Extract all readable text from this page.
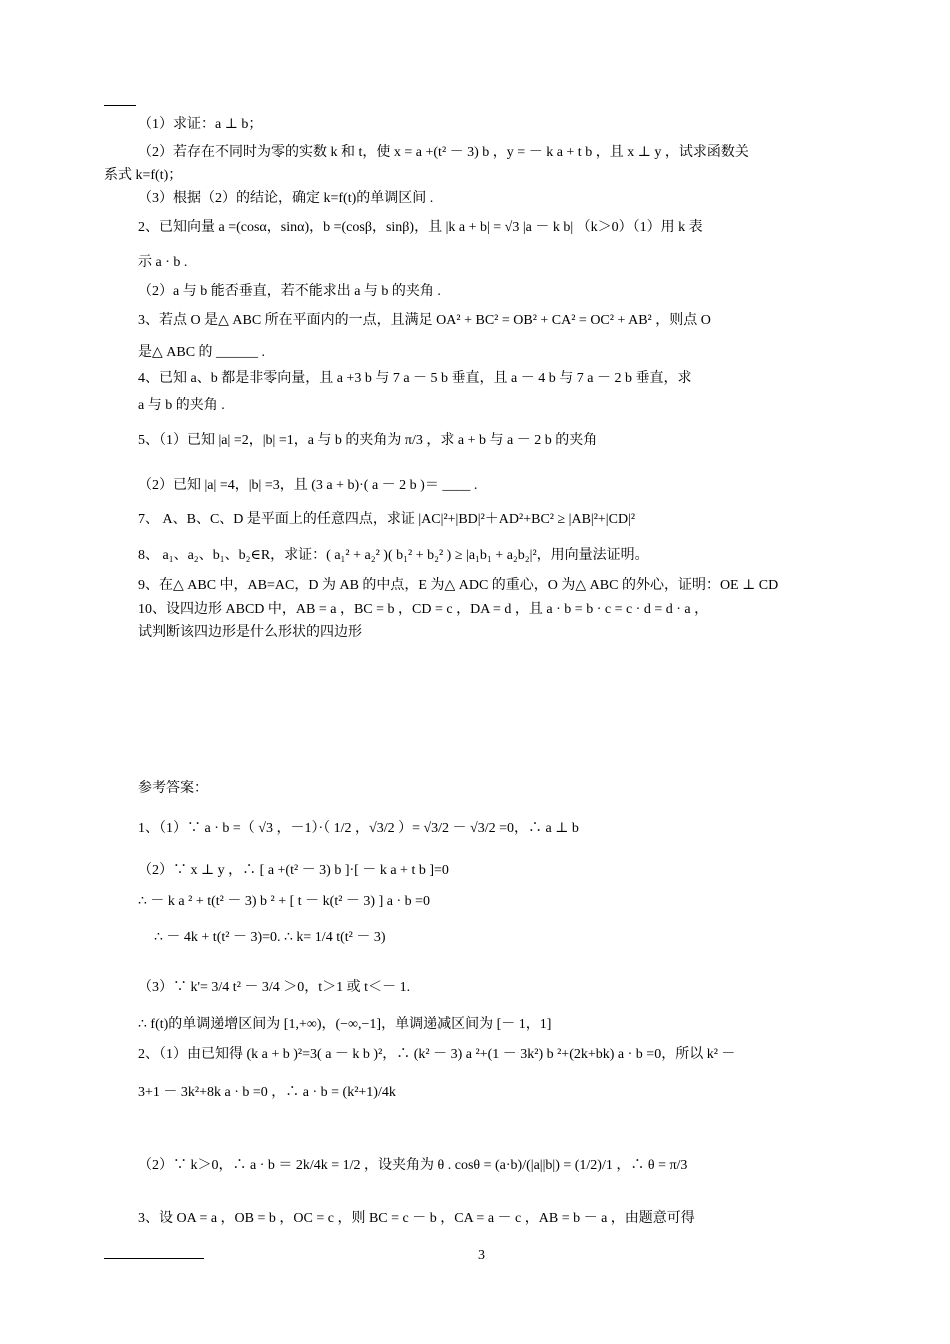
（1）求证：a ⊥ b；
（2）若存在不同时为零的实数 k 和 t，使 x = a +(t² － 3) b ，y = － k a + t b ，且 x ⊥ y ，试求函数关
系式 k=f(t)；
（3）根据（2）的结论，确定 k=f(t)的单调区间 .
2、已知向量 a =(cosα，sinα)，b =(cosβ，sinβ)，且 |k a + b| = √3 |a － k b| （k＞0）（1）用 k 表
示 a · b .
（2）a 与 b 能否垂直，若不能求出 a 与 b 的夹角 .
3、若点 O 是△ ABC 所在平面内的一点，且满足 OA² + BC² = OB² + CA² = OC² + AB² ，则点 O
是△ ABC 的 ______ .
4、已知 a、b 都是非零向量，且 a +3 b 与 7 a － 5 b 垂直，且 a － 4 b 与 7 a － 2 b 垂直，求
a 与 b 的夹角 .
5、（1）已知 |a| =2，|b| =1，a 与 b 的夹角为 π/3 ，求 a + b 与 a － 2 b 的夹角
（2）已知 |a| =4，|b| =3，且 (3 a + b)·( a － 2 b )＝ ____ .
7、 A、B、C、D 是平面上的任意四点，求证 |AC|²+|BD|²＋AD²+BC² ≥ |AB|²+|CD|²
8、 a₁、a₂、b₁、b₂∈R，求证：( a₁² + a₂² )( b₁² + b₂² ) ≥ |a₁b₁ + a₂b₂|²，用向量法证明。
9、在△ ABC 中，AB=AC，D 为 AB 的中点，E 为△ ADC 的重心，O 为△ ABC 的外心，证明：OE ⊥ CD
10、设四边形 ABCD 中，AB = a ，BC = b ，CD = c ，DA = d ，且 a · b = b · c = c · d = d · a ，
试判断该四边形是什么形状的四边形
参考答案：
1、（1）∵ a · b =（ √3 ，－1）·（ 1/2 ，√3/2 ）= √3/2 － √3/2 =0，∴ a ⊥ b
（2）∵ x ⊥ y ，∴ [ a +(t² － 3) b ]·[ － k a + t b ]=0
∴ － k a ² + t(t² － 3) b ² + [ t － k(t² － 3) ] a · b =0
∴ － 4k + t(t² － 3)=0. ∴ k= 1/4 t(t² － 3)
（3）∵ k'= 3/4 t² － 3/4 ＞0，t＞1 或 t＜－ 1.
∴ f(t)的单调递增区间为 [1,+∞)，(−∞,−1]，单调递减区间为 [－ 1，1]
2、（1）由已知得 (k a + b )²=3( a － k b )²，∴ (k² － 3) a ²+(1 － 3k²) b ²+(2k+bk) a · b =0，所以 k² －
3+1 － 3k²+8k a · b =0 ，∴ a · b = (k²+1)/4k
（2）∵ k＞0，∴ a · b ＝ 2k/4k = 1/2 ，设夹角为 θ . cosθ = (a·b)/(|a||b|) = (1/2)/1 ，∴ θ = π/3
3、设 OA = a ，OB = b ，OC = c ，则 BC = c － b ，CA = a － c ，AB = b － a ，由题意可得
3
